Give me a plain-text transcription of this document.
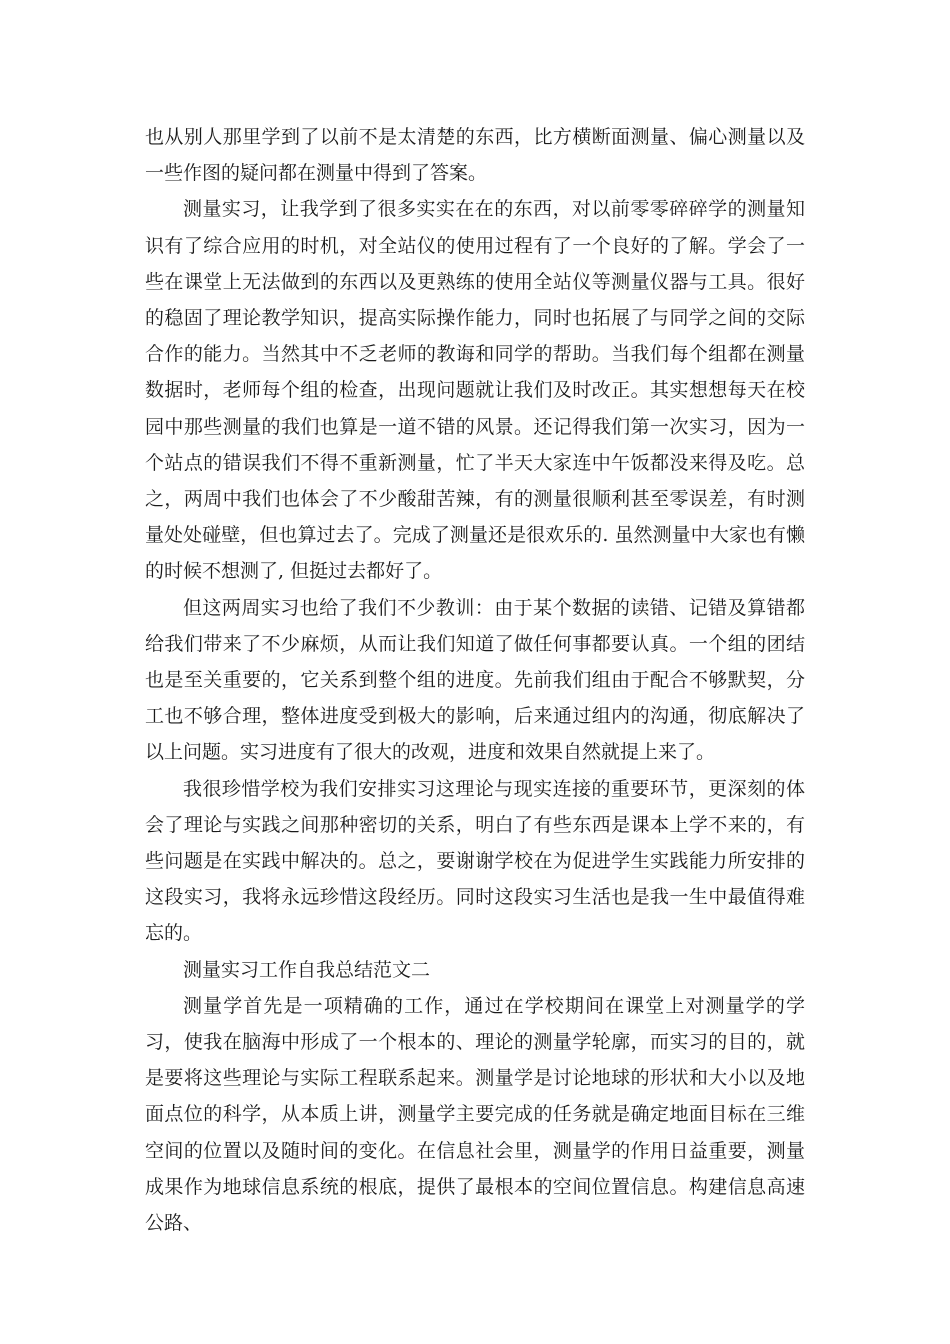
也从别人那里学到了以前不是太清楚的东西，比方横断面测量、偏心测量以及一些作图的疑问都在测量中得到了答案。

测量实习，让我学到了很多实实在在的东西，对以前零零碎碎学的测量知识有了综合应用的时机，对全站仪的使用过程有了一个良好的了解。学会了一些在课堂上无法做到的东西以及更熟练的使用全站仪等测量仪器与工具。很好的稳固了理论教学知识，提高实际操作能力，同时也拓展了与同学之间的交际合作的能力。当然其中不乏老师的教诲和同学的帮助。当我们每个组都在测量数据时，老师每个组的检查，出现问题就让我们及时改正。其实想想每天在校园中那些测量的我们也算是一道不错的风景。还记得我们第一次实习，因为一个站点的错误我们不得不重新测量，忙了半天大家连中午饭都没来得及吃。总之，两周中我们也体会了不少酸甜苦辣，有的测量很顺利甚至零误差，有时测量处处碰壁，但也算过去了。完成了测量还是很欢乐的. 虽然测量中大家也有懒的时候不想测了, 但挺过去都好了。

但这两周实习也给了我们不少教训：由于某个数据的读错、记错及算错都给我们带来了不少麻烦，从而让我们知道了做任何事都要认真。一个组的团结也是至关重要的，它关系到整个组的进度。先前我们组由于配合不够默契，分工也不够合理，整体进度受到极大的影响，后来通过组内的沟通，彻底解决了以上问题。实习进度有了很大的改观，进度和效果自然就提上来了。

我很珍惜学校为我们安排实习这理论与现实连接的重要环节，更深刻的体会了理论与实践之间那种密切的关系，明白了有些东西是课本上学不来的，有些问题是在实践中解决的。总之，要谢谢学校在为促进学生实践能力所安排的这段实习，我将永远珍惜这段经历。同时这段实习生活也是我一生中最值得难忘的。

测量实习工作自我总结范文二

测量学首先是一项精确的工作，通过在学校期间在课堂上对测量学的学习，使我在脑海中形成了一个根本的、理论的测量学轮廓，而实习的目的，就是要将这些理论与实际工程联系起来。测量学是讨论地球的形状和大小以及地面点位的科学，从本质上讲，测量学主要完成的任务就是确定地面目标在三维空间的位置以及随时间的变化。在信息社会里，测量学的作用日益重要，测量成果作为地球信息系统的根底，提供了最根本的空间位置信息。构建信息高速公路、
